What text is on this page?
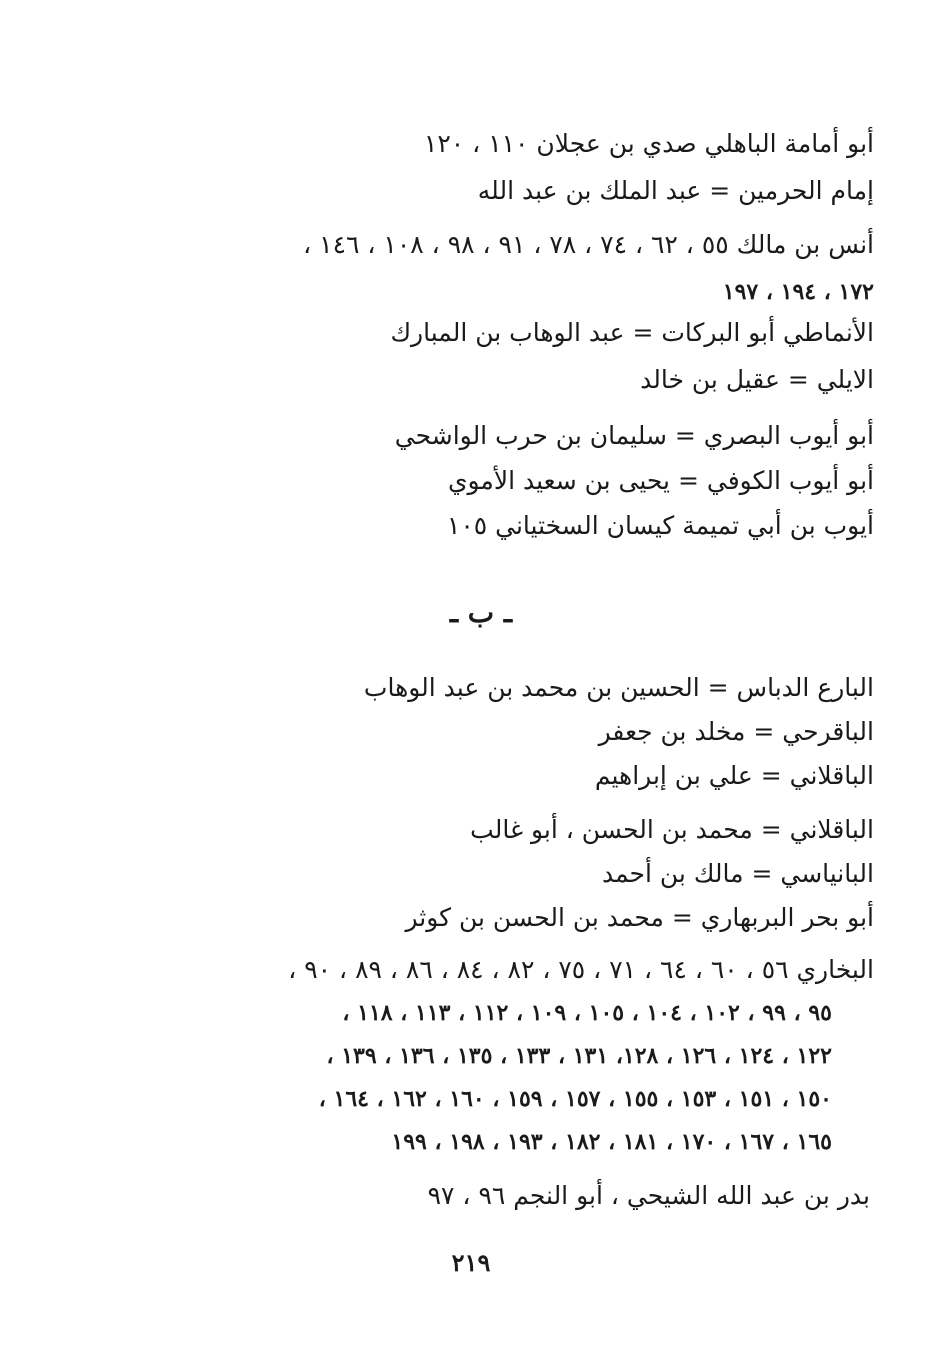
أبو أمامة الباهلي صدي بن عجلان ١١٠ ، ١٢٠

إمام الحرمين = عبد الملك بن عبد الله

أنس بن مالك ٥٥ ، ٦٢ ، ٧٤ ، ٧٨ ، ٩١ ، ٩٨ ، ١٠٨ ، ١٤٦ ،

١٧٢ ، ١٩٤ ، ١٩٧

الأنماطي أبو البركات = عبد الوهاب بن المبارك

الايلي = عقيل بن خالد

أبو أيوب البصري = سليمان بن حرب الواشحي

أبو أيوب الكوفي = يحيى بن سعيد الأموي

أيوب بن أبي تميمة كيسان السختياني ١٠٥

ـ ب ـ

البارع الدباس = الحسين بن محمد بن عبد الوهاب

الباقرحي = مخلد بن جعفر

الباقلاني = علي بن إبراهيم

الباقلاني = محمد بن الحسن ، أبو غالب

البانياسي = مالك بن أحمد

أبو بحر البربهاري = محمد بن الحسن بن كوثر

البخاري ٥٦ ، ٦٠ ، ٦٤ ، ٧١ ، ٧٥ ، ٨٢ ، ٨٤ ، ٨٦ ، ٨٩ ، ٩٠ ،

٩٥ ، ٩٩ ، ١٠٢ ، ١٠٤ ، ١٠٥ ، ١٠٩ ، ١١٢ ، ١١٣ ، ١١٨ ،

١٢٢ ، ١٢٤ ، ١٢٦ ، ١٢٨، ١٣١ ، ١٣٣ ، ١٣٥ ، ١٣٦ ، ١٣٩ ،

١٥٠ ، ١٥١ ، ١٥٣ ، ١٥٥ ، ١٥٧ ، ١٥٩ ، ١٦٠ ، ١٦٢ ، ١٦٤ ،

١٦٥ ، ١٦٧ ، ١٧٠ ، ١٨١ ، ١٨٢ ، ١٩٣ ، ١٩٨ ، ١٩٩

بدر بن عبد الله الشيحي ، أبو النجم ٩٦ ، ٩٧

٢١٩
